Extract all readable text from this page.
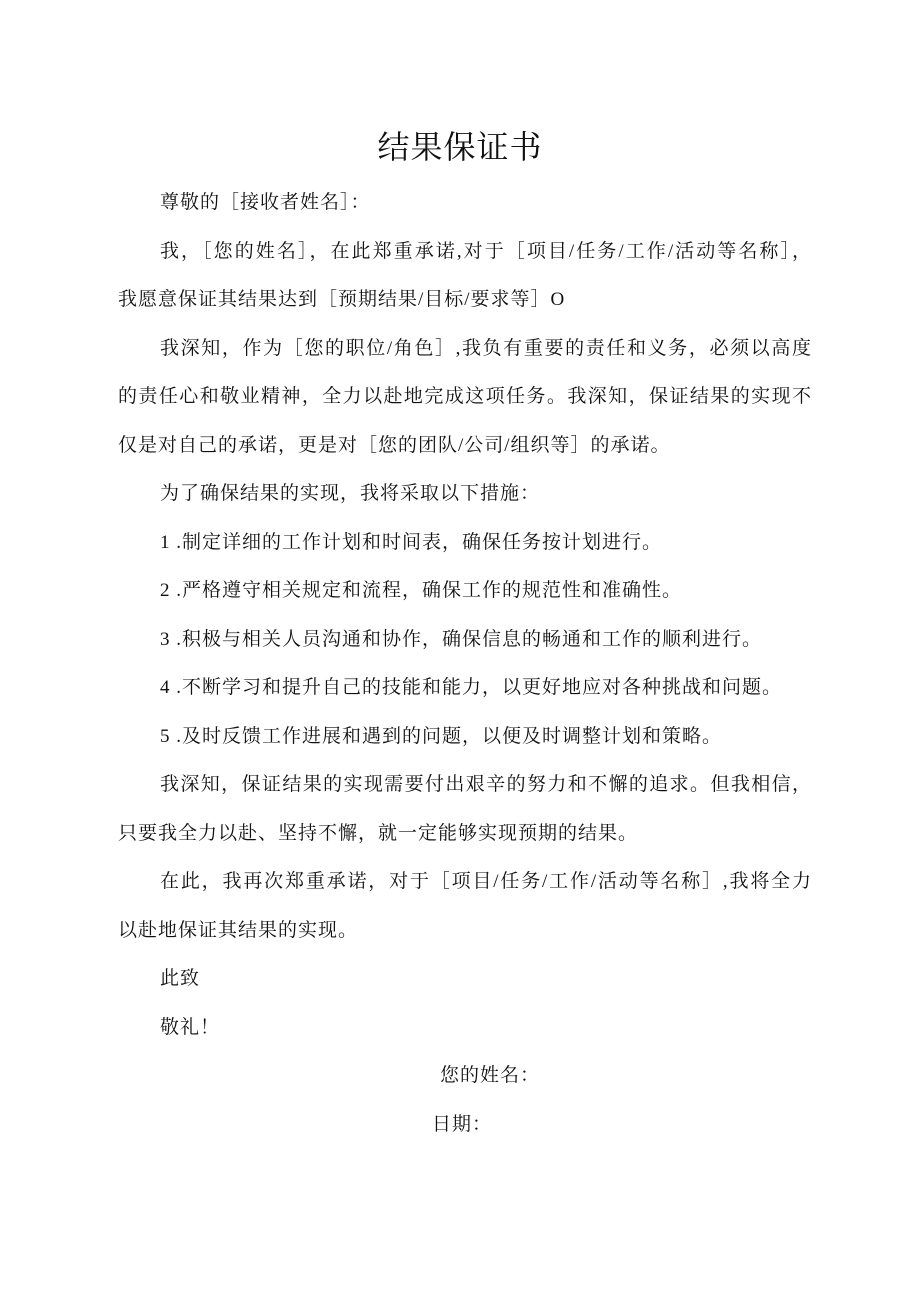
结果保证书
尊敬的［接收者姓名］：
我，［您的姓名］，在此郑重承诺,对于［项目/任务/工作/活动等名称］，
我愿意保证其结果达到［预期结果/目标/要求等］O
我深知，作为［您的职位/角色］,我负有重要的责任和义务，必须以高度
的责任心和敬业精神，全力以赴地完成这项任务。我深知，保证结果的实现不
仅是对自己的承诺，更是对［您的团队/公司/组织等］的承诺。
为了确保结果的实现，我将采取以下措施：
1 .制定详细的工作计划和时间表，确保任务按计划进行。
2 .严格遵守相关规定和流程，确保工作的规范性和准确性。
3 .积极与相关人员沟通和协作，确保信息的畅通和工作的顺利进行。
4 .不断学习和提升自己的技能和能力，以更好地应对各种挑战和问题。
5 .及时反馈工作进展和遇到的问题，以便及时调整计划和策略。
我深知，保证结果的实现需要付出艰辛的努力和不懈的追求。但我相信，
只要我全力以赴、坚持不懈，就一定能够实现预期的结果。
在此，我再次郑重承诺，对于［项目/任务/工作/活动等名称］,我将全力
以赴地保证其结果的实现。
此致
敬礼！
您的姓名：
日期：
